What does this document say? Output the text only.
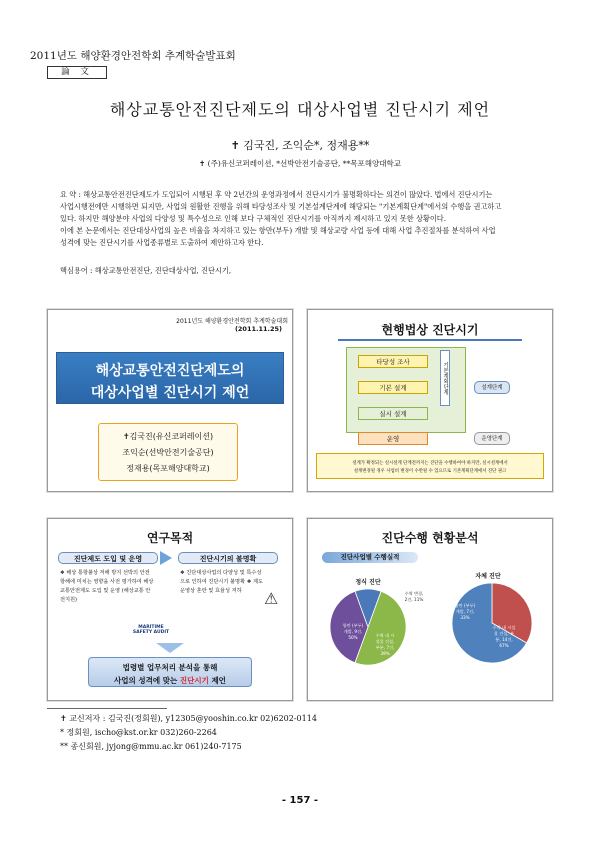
2011년도 해양환경안전학회 추계학술발표회
論 文
해상교통안전진단제도의 대상사업별 진단시기 제언
✝ 김국진, 조익순*, 정재용**
✝ (주)유신코퍼레이션, *선박안전기술공단, **목포해양대학교
요 약 : 해상교통안전진단제도가 도입되어 시행된 후 약 2년간의 운영과정에서 진단시기가 불명확하다는 의견이 많았다. 법에서 진단시기는
사업시행전에만 시행하면 되지만, 사업의 원활한 진행을 위해 타당성조사 및 기본설계단계에 해당되는 "기본계획단계"에서의 수행을 권고하고
있다. 하지만 해양분야 사업의 다양성 및 특수성으로 인해 보다 구체적인 진단시기를 아직까지 제시하고 있지 못한 상황이다.
이에 본 논문에서는 진단대상사업의 높은 비율을 차지하고 있는 항만(부두) 개발 및 해상교량 사업 등에 대해 사업 추진절차를 분석하여 사업
성격에 맞는 진단시기를 사업종류별로 도출하여 제안하고자 한다.
핵심용어 : 해상교통안전진단, 진단대상사업, 진단시기,
2011년도 해양환경안전학회 추계학술대회
(2011.11.25)
해상교통안전진단제도의
대상사업별 진단시기 제언
✝김국진(유신코퍼레이션)
조익순(선박안전기술공단)
정재용(목포해양대학교)
현행법상 진단시기
타당성 조사
기본 설계
실시 설계
운영
기본계획단계	설계단계
운영단계
설계가 확정되는 실시설계 단계전까지는 진단을 수행하여야 하지만, 실시설계에서
설계변경될 경우 사업비 변경이 수반될 수 있으므로 기본계획단계에서 진단 권고
연구목적
진단제도 도입 및 운영
❖ 해상 통항불상 저해 방지 선박의 안전항해에 미치는 영향을 사전 평가하여 해상 교통안전제도 도입 및 운영 (해상교통 안전지원)
진단시기의 불명확
❖ 진단대상사업의 다양성 및 특수성으로 인하여 진단시기 불명확 ❖ 제도운영상 혼란 및 효율성 저하	⚠
MARITIME
SAFETY AUDIT
법령별 업무처리 분석을 통해
사업의 성격에 맞는 진단시기 제언
진단수행 현황분석
진단사업별 수행실적
정식 진단
자체 진단
항만 (부두) 개발, 9건, 50%	수역 내 시설물 건설, 부분, 7건, 39%
수역 변경, 2건, 11%
항만 (부두) 개발, 7건, 33%
수역 내 시설물 건설, 부분, 14건, 67%
✝ 교신저자 : 김국진(정회원), y12305@yooshin.co.kr 02)6202-0114
* 정회원, ischo@kst.or.kr 032)260-2264
** 종신회원, jyjong@mmu.ac.kr 061)240-7175
- 157 -
